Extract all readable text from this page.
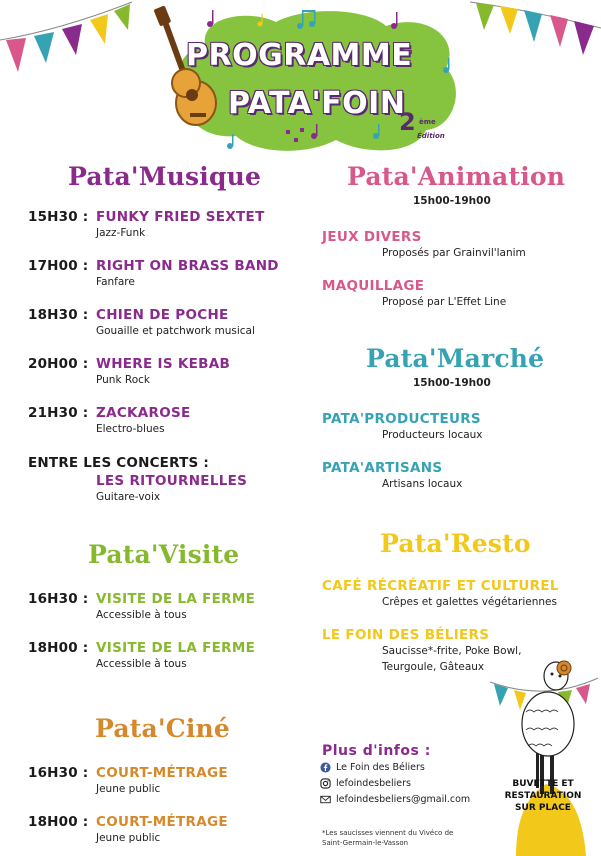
PROGRAMME
PATA'FOIN
2 ème
Édition
Pata'Musique
15H30 : FUNKY FRIED SEXTET
Jazz-Funk
17H00 : RIGHT ON BRASS BAND
Fanfare
18H30 : CHIEN DE POCHE
Gouaille et patchwork musical
20H00 : WHERE IS KEBAB
Punk Rock
21H30 : ZACKAROSE
Electro-blues
ENTRE LES CONCERTS :
LES RITOURNELLES
Guitare-voix
Pata'Visite
16H30 : VISITE DE LA FERME
Accessible à tous
18H00 : VISITE DE LA FERME
Accessible à tous
Pata'Ciné
16H30 : COURT-MÉTRAGE
Jeune public
18H00 : COURT-MÉTRAGE
Jeune public
Pata'Animation
15h00-19h00
JEUX DIVERS
Proposés par Grainvil'lanim
MAQUILLAGE
Proposé par L'Effet Line
Pata'Marché
15h00-19h00
PATA'PRODUCTEURS
Producteurs locaux
PATA'ARTISANS
Artisans locaux
Pata'Resto
CAFÉ RÉCRÉATIF ET CULTUREL
Crêpes et galettes végétariennes
LE FOIN DES BÉLIERS
Saucisse*-frite, Poke Bowl,
Teurgoule, Gâteaux
Plus d'infos :
Le Foin des Béliers
lefoindesbeliers
lefoindesbeliers@gmail.com
*Les saucisses viennent du Vivéco de
Saint-Germain-le-Vasson
BUVETTE ET
RESTAURATION
SUR PLACE
